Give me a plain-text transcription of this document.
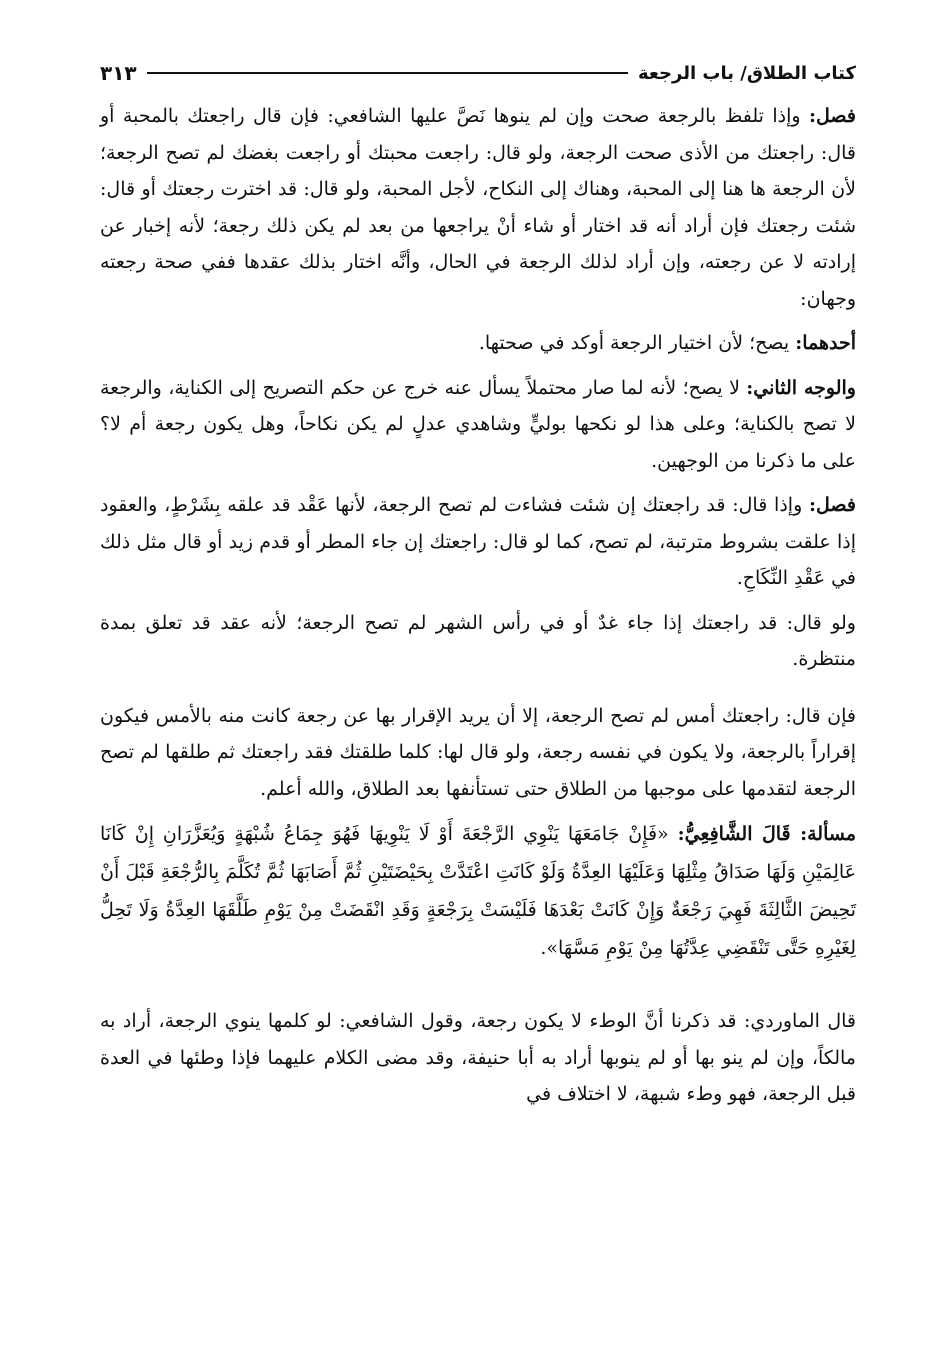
كتاب الطلاق/ باب الرجعة
٣١٣

فصل: وإذا تلفظ بالرجعة صحت وإن لم ينوها نَصَّ عليها الشافعي: فإن قال راجعتك بالمحبة أو قال: راجعتك من الأذى صحت الرجعة، ولو قال: راجعت محبتك أو راجعت بغضك لم تصح الرجعة؛ لأن الرجعة ها هنا إلى المحبة، وهناك إلى النكاح، لأجل المحبة، ولو قال: قد اخترت رجعتك أو قال: شئت رجعتك فإن أراد أنه قد اختار أو شاء أنْ يراجعها من بعد لم يكن ذلك رجعة؛ لأنه إخبار عن إرادته لا عن رجعته، وإن أراد لذلك الرجعة في الحال، وأنَّه اختار بذلك عقدها ففي صحة رجعته وجهان:

أحدهما: يصح؛ لأن اختيار الرجعة أوكد في صحتها.

والوجه الثاني: لا يصح؛ لأنه لما صار محتملاً يسأل عنه خرج عن حكم التصريح إلى الكناية، والرجعة لا تصح بالكناية؛ وعلى هذا لو نكحها بوليٍّ وشاهدي عدلٍ لم يكن نكاحاً، وهل يكون رجعة أم لا؟ على ما ذكرنا من الوجهين.

فصل: وإذا قال: قد راجعتك إن شئت فشاءت لم تصح الرجعة، لأنها عَقْد قد علقه بِشَرْطٍ، والعقود إذا علقت بشروط مترتبة، لم تصح، كما لو قال: راجعتك إن جاء المطر أو قدم زيد أو قال مثل ذلك في عَقْدِ النِّكَاحِ.

ولو قال: قد راجعتك إذا جاء غدٌ أو في رأس الشهر لم تصح الرجعة؛ لأنه عقد قد تعلق بمدة منتظرة.

فإن قال: راجعتك أمس لم تصح الرجعة، إلا أن يريد الإقرار بها عن رجعة كانت منه بالأمس فيكون إقراراً بالرجعة، ولا يكون في نفسه رجعة، ولو قال لها: كلما طلقتك فقد راجعتك ثم طلقها لم تصح الرجعة لتقدمها على موجبها من الطلاق حتى تستأنفها بعد الطلاق، والله أعلم.

مسألة: قَالَ الشَّافِعِيُّ: «فَإِنْ جَامَعَهَا يَنْوِي الرَّجْعَةَ أَوْ لَا يَنْوِيهَا فَهُوَ جِمَاعُ شُبْهَةٍ وَيُعَزَّرَانِ إِنْ كَانَا عَالِمَيْنِ وَلَهَا صَدَاقُ مِثْلِهَا وَعَلَيْهَا العِدَّةُ وَلَوْ كَانَتِ اعْتَدَّتْ بِحَيْضَتَيْنِ ثُمَّ أَصَابَهَا ثُمَّ تُكَلَّمَ بِالرُّجْعَةِ قَبْلَ أَنْ تَحِيضَ الثَّالِثَةَ فَهِيَ رَجْعَةٌ وَإِنْ كَانَتْ بَعْدَهَا فَلَيْسَتْ بِرَجْعَةٍ وَقَدِ انْقَضَتْ مِنْ يَوْمِ طَلَّقَهَا العِدَّةُ وَلَا تَحِلُّ لِغَيْرِهِ حَتَّى تَنْقَضِي عِدَّتُهَا مِنْ يَوْمِ مَسَّهَا».

قال الماوردي: قد ذكرنا أنَّ الوطء لا يكون رجعة، وقول الشافعي: لو كلمها ينوي الرجعة، أراد به مالكاً، وإن لم ينو بها أو لم ينوبها أراد به أبا حنيفة، وقد مضى الكلام عليهما فإذا وطئها في العدة قبل الرجعة، فهو وطء شبهة، لا اختلاف في
